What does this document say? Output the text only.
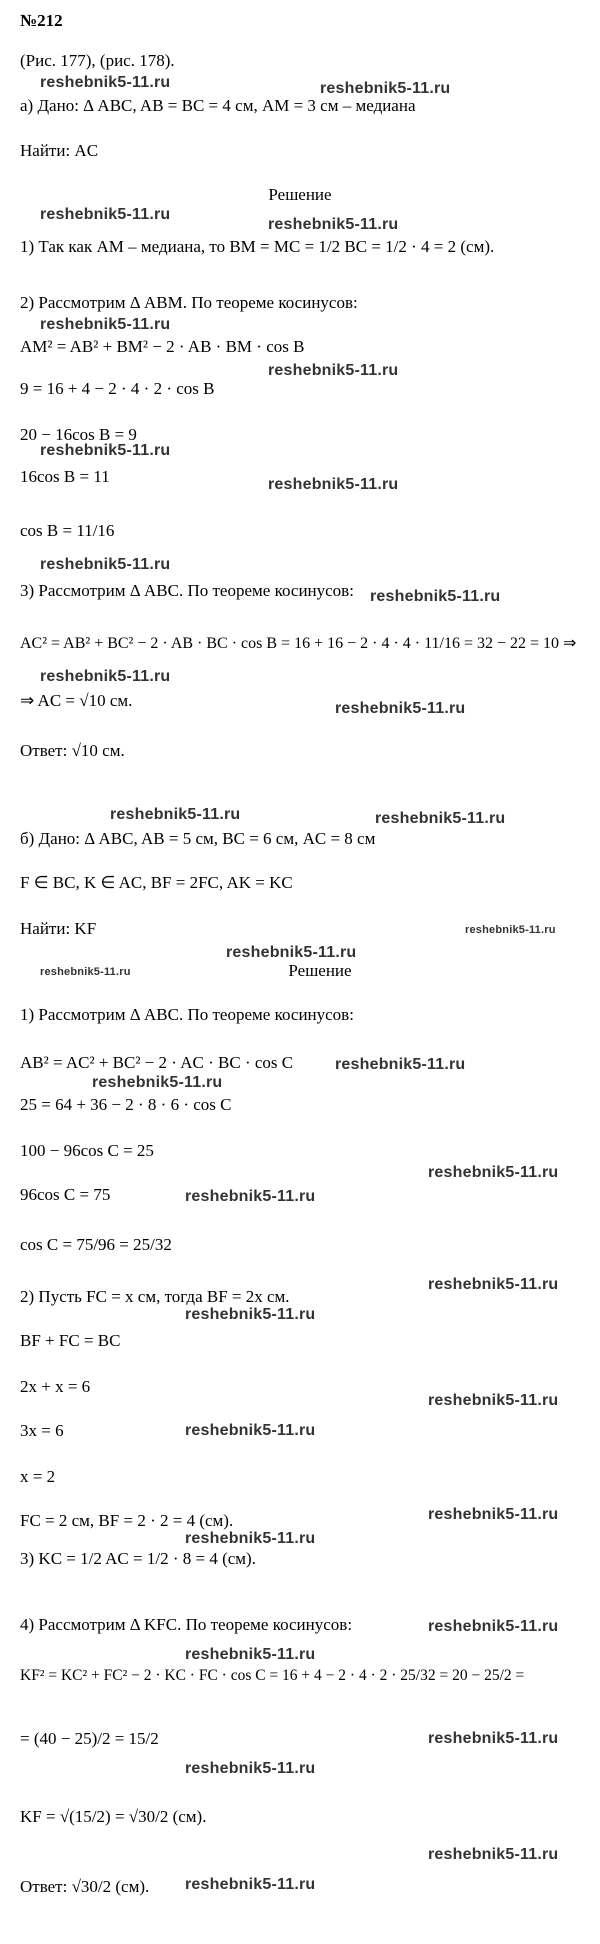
№212
(Рис. 177), (рис. 178).
а) Дано: Δ ABC, AB = BC = 4 см, AM = 3 см – медиана
Найти: AC
Решение
1) Так как AM – медиана, то BM = MC = 1/2 BC = 1/2 · 4 = 2 (см).
2) Рассмотрим Δ ABM. По теореме косинусов:
AM² = AB² + BM² − 2 · AB · BM · cos B
9 = 16 + 4 − 2 · 4 · 2 · cos B
20 − 16cos B = 9
16cos B = 11
cos B = 11/16
3) Рассмотрим Δ ABC. По теореме косинусов:
AC² = AB² + BC² − 2 · AB · BC · cos B = 16 + 16 − 2 · 4 · 4 · 11/16 = 32 − 22 = 10 ⇒
⇒ AC = √10 см.
Ответ: √10 см.
б) Дано: Δ ABC, AB = 5 см, BC = 6 см, AC = 8 см
F ∈ BC, K ∈ AC, BF = 2FC, AK = KC
Найти: KF
Решение
1) Рассмотрим Δ ABC. По теореме косинусов:
AB² = AC² + BC² − 2 · AC · BC · cos C
25 = 64 + 36 − 2 · 8 · 6 · cos C
100 − 96cos C = 25
96cos C = 75
cos C = 75/96 = 25/32
2) Пусть FC = x см, тогда BF = 2x см.
BF + FC = BC
2x + x = 6
3x = 6
x = 2
FC = 2 см, BF = 2 · 2 = 4 (см).
3) KC = 1/2 AC = 1/2 · 8 = 4 (см).
4) Рассмотрим Δ KFC. По теореме косинусов:
KF² = KC² + FC² − 2 · KC · FC · cos C = 16 + 4 − 2 · 4 · 2 · 25/32 = 20 − 25/2 =
= (40 − 25)/2 = 15/2
KF = √(15/2) = √30/2 (см).
Ответ: √30/2 (см).
reshebnik5-11.ru	reshebnik5-11.ru
reshebnik5-11.ru
reshebnik5-11.ru
reshebnik5-11.ru
reshebnik5-11.ru
reshebnik5-11.ru
reshebnik5-11.ru
reshebnik5-11.ru
reshebnik5-11.ru
reshebnik5-11.ru
reshebnik5-11.ru
reshebnik5-11.ru	reshebnik5-11.ru
reshebnik5-11.ru
reshebnik5-11.ru
reshebnik5-11.ru
reshebnik5-11.ru
reshebnik5-11.ru
reshebnik5-11.ru
reshebnik5-11.ru
reshebnik5-11.ru
reshebnik5-11.ru
reshebnik5-11.ru
reshebnik5-11.ru
reshebnik5-11.ru
reshebnik5-11.ru
reshebnik5-11.ru
reshebnik5-11.ru
reshebnik5-11.ru
reshebnik5-11.ru
reshebnik5-11.ru
reshebnik5-11.ru
